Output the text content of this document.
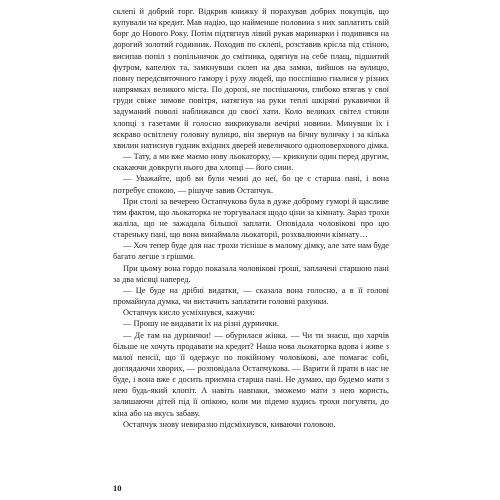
склепі й добрий торг. Відкрив книжку й порахував добрих покупців, що купували на кредит. Мав надію, що найменше половина з них заплатить свій борг до Нового Року. Потім підтягнув лівий рукав маринарки і подивився на дорогий золотий годинник. Походив по склепі, розставив крісла під стіною, висипав попіл з попільничок до смітника, одягнув на себе плащ, підшитий футром, капелюх та, замкнувши склеп на два замки, вийшов на вулицю, повну передсвяточного гамору і руху людей, що посспішно гналися у різних напрямках великого міста. По дорозі, не поспішаючи, глибоко втягав у свої груди свіже зимове повітря, натягнув на руки теплі шкіряні рукавички й задуманий поволі наближався до своєї хати. Коло великих світел стояли хлопці з газетами й голосно викрикували вечірні новини. Минувши їх і яскраво освітлену головну вулицю, він звернув на бічну вуличку і за кілька хвилин натиснув гудник вхідних дверей невеличкого одноповерхового дімка.

— Тату, а ми вже маємо нову льокаторку, — крикнули один перед другим, скакаючи довкруги нього два хлопці — його сини.

— Уважайте, щоб ви були чемні до неї, бо це є старша пані, і вона потребує спокою, — рішуче завив Остапчук.

При столі за вечерею Остапчукова була в дуже доброму гуморі й щасливе тим фактом, що льокаторка не торгувалася щодо ціни за кімнату. Зараз трохи жаліла, що не зажадала більшої заплати. Оповідала чоловікові про цю стареньку пані, що вона винаймала льокаторії, розхвалюючи кімнату…

— Хоч тепер буде для нас трохи тісніше в малому дімку, але зате нам буде багато легше з грішми.

При цьому вона гордо показала чоловікові гроші, заплачені старшою пані за два місяці наперед.

— Це буде на дрібні видатки, — сказала вона голосно, а в її голові промайнула думка, чи вистачить заплатити головні рахунки.

Остапчук кисло усміхнувся, кажучи:

— Прошу не видавати їх на різні дурнички.

— Де там на дурнички! — обурилася жінка. — Чи ти знаєш, що харчів більше не хочуть продавати на кредит? Наша нова льокаторка вдова і живе з малої пенсії, що її одержує по покійному чоловікові, але помагає собі, доглядаючи хворих, — розповідала Остапчукова. — Варити й прати в нас не буде, і вона вже є досить приємна старша пані. Не думаю, що будемо мати з нею будь-який клопіт. А навіть навпаки, зможемо мати з нею користь, залишаючи дітей під її опікою, коли ми підемо кудись трохи погуляти, до кіна або на якусь забаву.

Остапчук знову невиразно підсміхнувся, киваючи головою.

10
